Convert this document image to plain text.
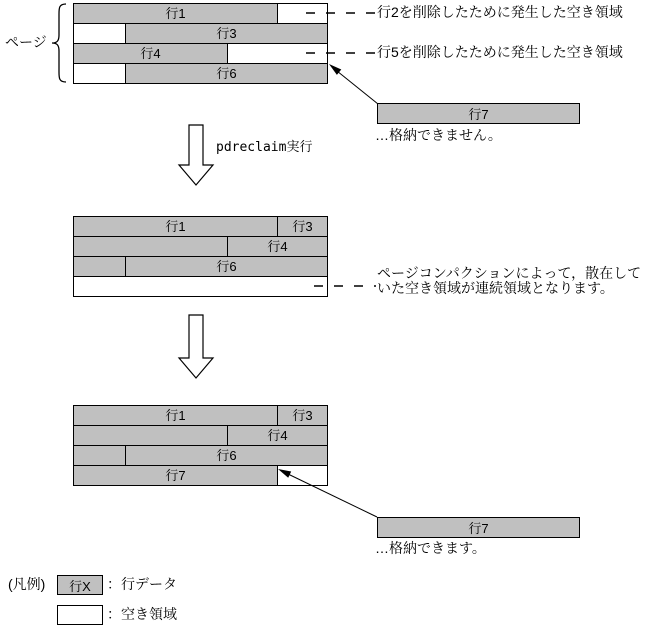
ページ
行1
行3
行4
行6
行2を削除したために発生した空き領域
行5を削除したために発生した空き領域
行7
…格納できません。
pdreclaim実行
行1	行3
行4
行6	ページコンパクションによって，散在して
いた空き領域が連続領域となります。
行1	行3
行4
行6
行7
行7
…格納できます。
(凡例) 行X ：行データ
：空き領域
